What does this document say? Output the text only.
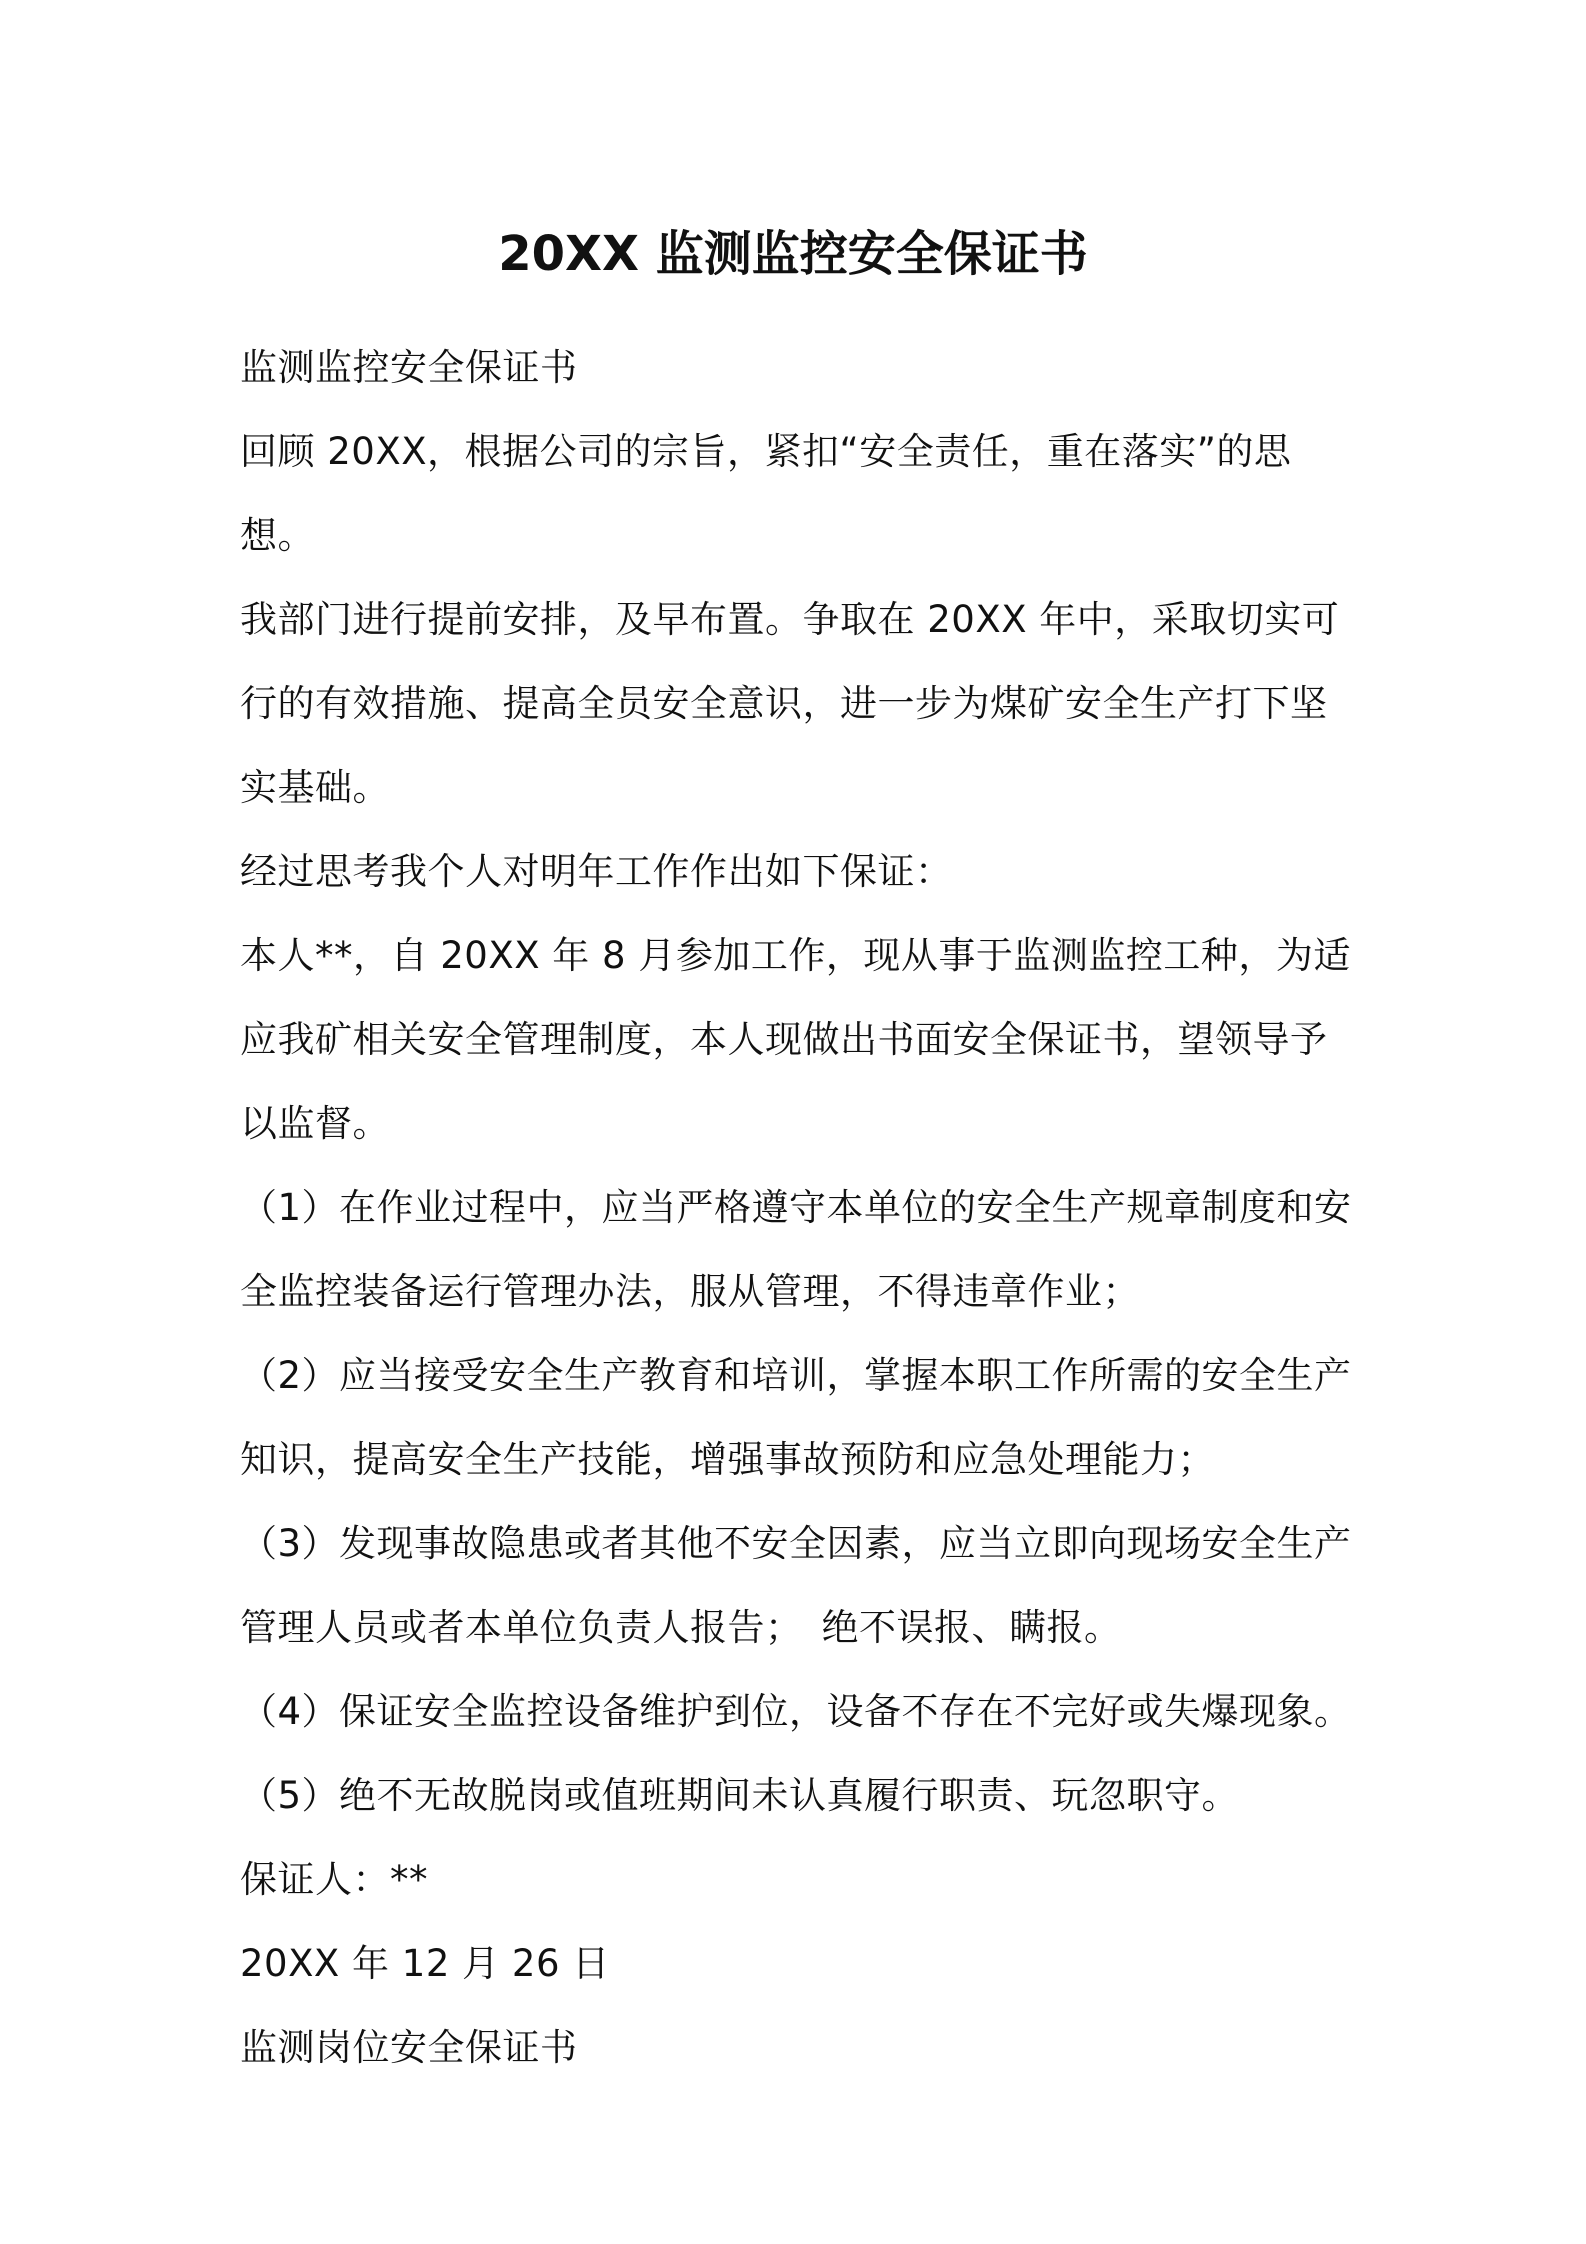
20XX 监测监控安全保证书

监测监控安全保证书

回顾 20XX，根据公司的宗旨，紧扣“安全责任，重在落实”的思想。

我部门进行提前安排，及早布置。争取在 20XX 年中，采取切实可行的有效措施、提高全员安全意识，进一步为煤矿安全生产打下坚实基础。

经过思考我个人对明年工作作出如下保证：

本人**，自 20XX 年 8 月参加工作，现从事于监测监控工种，为适应我矿相关安全管理制度，本人现做出书面安全保证书，望领导予以监督。

（1）在作业过程中，应当严格遵守本单位的安全生产规章制度和安全监控装备运行管理办法，服从管理，不得违章作业；

（2）应当接受安全生产教育和培训，掌握本职工作所需的安全生产知识，提高安全生产技能，增强事故预防和应急处理能力；

（3）发现事故隐患或者其他不安全因素，应当立即向现场安全生产管理人员或者本单位负责人报告；　绝不误报、瞒报。

（4）保证安全监控设备维护到位，设备不存在不完好或失爆现象。

（5）绝不无故脱岗或值班期间未认真履行职责、玩忽职守。

保证人：**

20XX 年 12 月 26 日

监测岗位安全保证书
